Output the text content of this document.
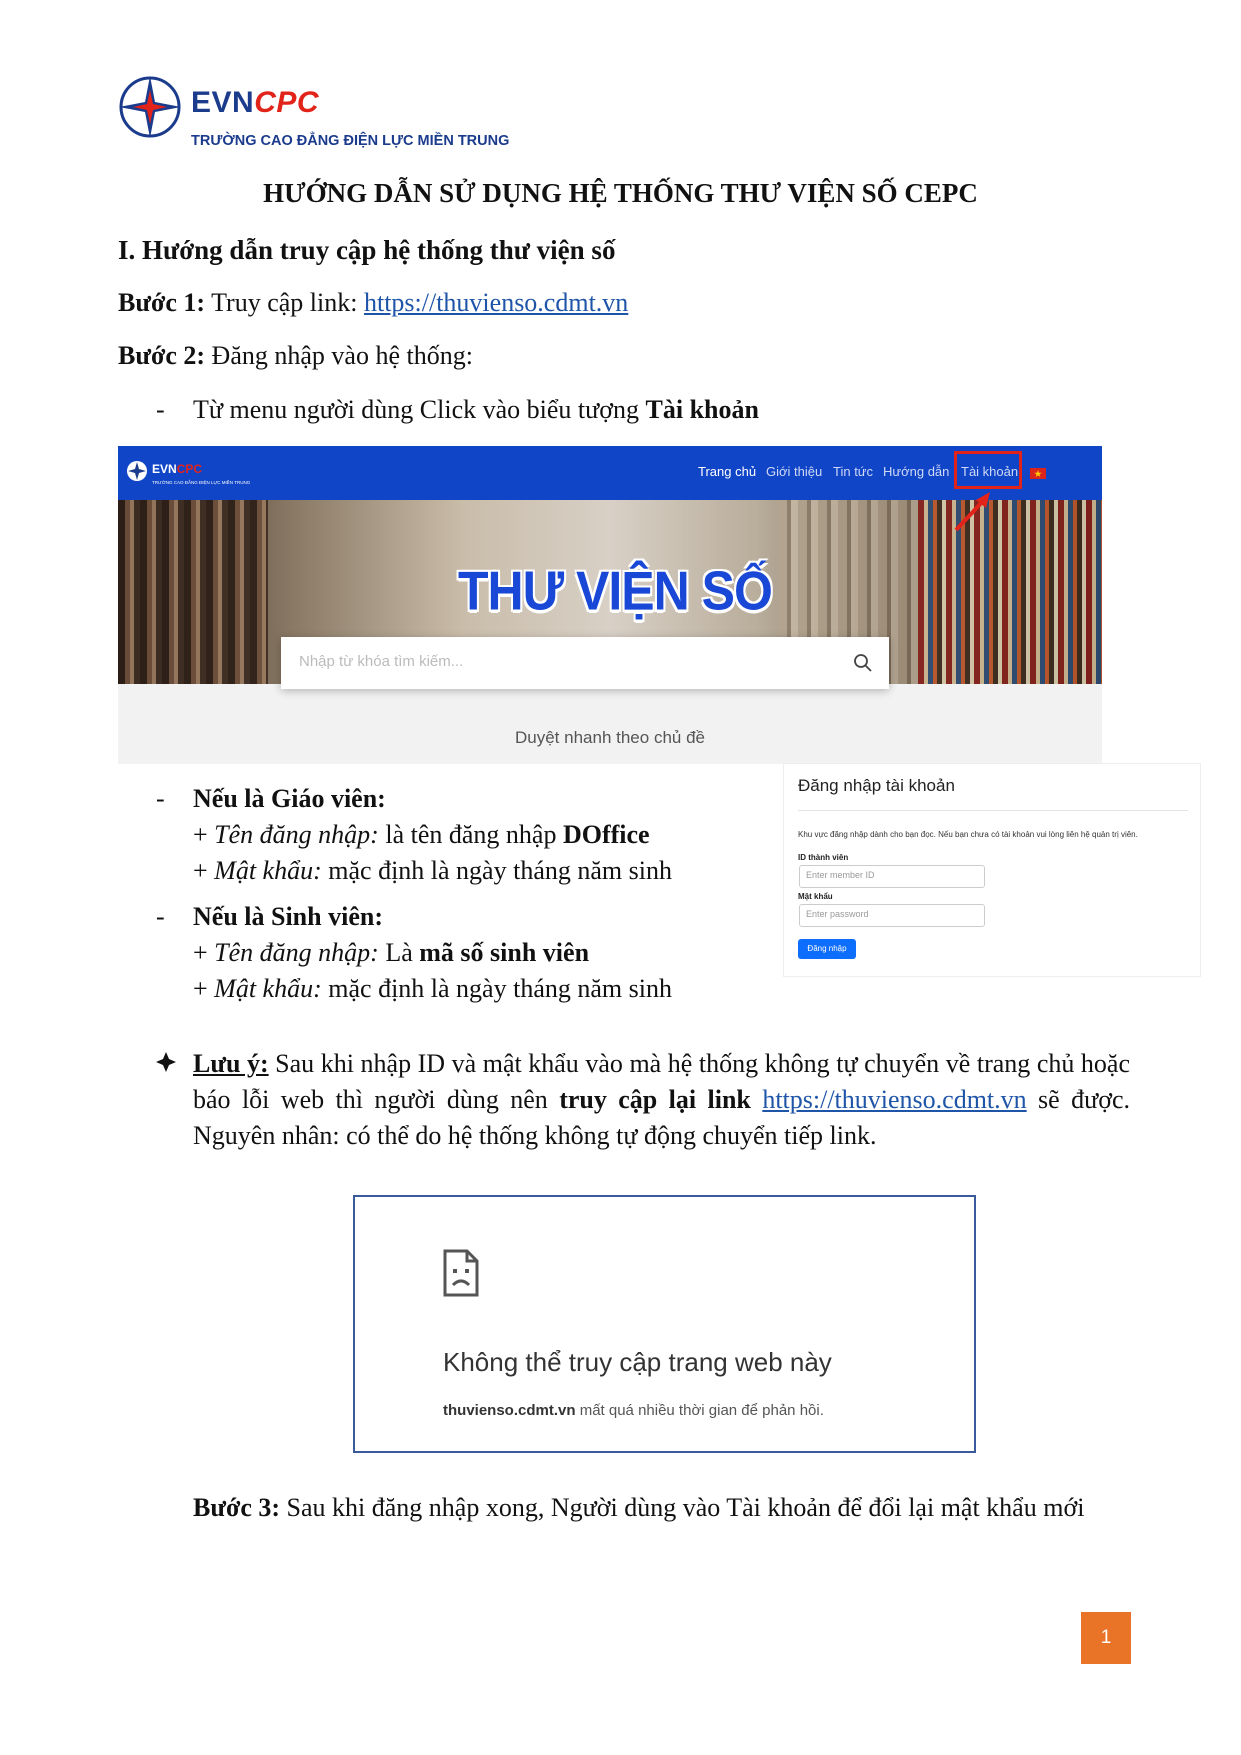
EVNCPC
TRƯỜNG CAO ĐẲNG ĐIỆN LỰC MIỀN TRUNG
HƯỚNG DẪN SỬ DỤNG HỆ THỐNG THƯ VIỆN SỐ CEPC
I. Hướng dẫn truy cập hệ thống thư viện số
Bước 1: Truy cập link: https://thuvienso.cdmt.vn
Bước 2: Đăng nhập vào hệ thống:
- Từ menu người dùng Click vào biểu tượng Tài khoản
EVNCPC
TRƯỜNG CAO ĐẲNG ĐIỆN LỰC MIỀN TRUNG
Trang chủ Giới thiệu Tin tức Hướng dẫn Tài khoản
THƯ VIỆN SỐ
Nhập từ khóa tìm kiếm...
Duyệt nhanh theo chủ đề
- Nếu là Giáo viên:
+ Tên đăng nhập: là tên đăng nhập DOffice
+ Mật khẩu: mặc định là ngày tháng năm sinh
- Nếu là Sinh viên:
+ Tên đăng nhập: Là mã số sinh viên
+ Mật khẩu: mặc định là ngày tháng năm sinh
Đăng nhập tài khoản
Khu vực đăng nhập dành cho bạn đọc. Nếu bạn chưa có tài khoản vui lòng liên hệ quản trị viên.
ID thành viên
Enter member ID
Mật khẩu
Enter password
Đăng nhập
Lưu ý: Sau khi nhập ID và mật khẩu vào mà hệ thống không tự chuyển về trang chủ hoặc báo lỗi web thì người dùng nên truy cập lại link https://thuvienso.cdmt.vn sẽ được. Nguyên nhân: có thể do hệ thống không tự động chuyển tiếp link.
Không thể truy cập trang web này
thuvienso.cdmt.vn mất quá nhiều thời gian để phản hồi.
Bước 3: Sau khi đăng nhập xong, Người dùng vào Tài khoản để đổi lại mật khẩu mới
1
